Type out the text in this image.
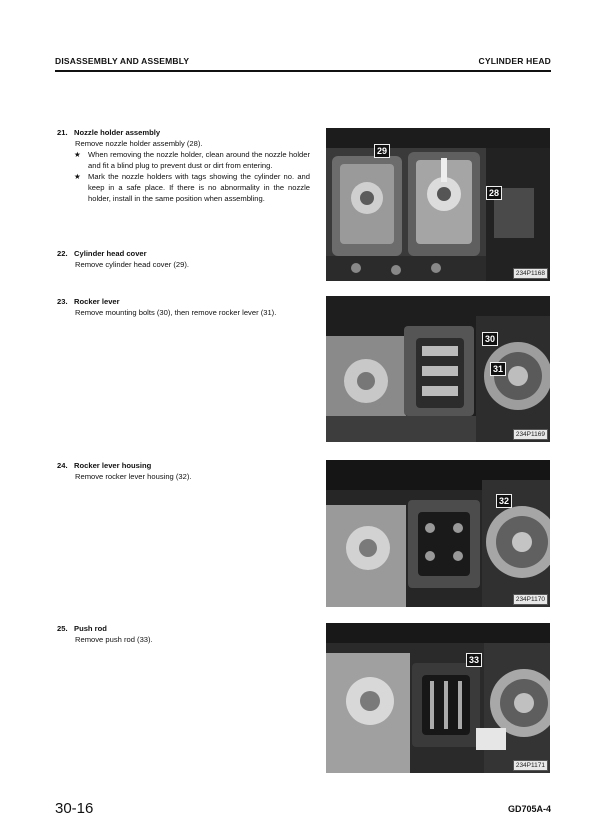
DISASSEMBLY AND ASSEMBLY	CYLINDER HEAD
21. Nozzle holder assembly
Remove nozzle holder assembly (28).
★ When removing the nozzle holder, clean around the nozzle holder and fit a blind plug to prevent dust or dirt from entering.
★ Mark the nozzle holders with tags showing the cylinder no. and keep in a safe place. If there is no abnormality in the nozzle holder, install in the same position when assembling.
22. Cylinder head cover
Remove cylinder head cover (29).
23. Rocker lever
Remove mounting bolts (30), then remove rocker lever (31).
24. Rocker lever housing
Remove rocker lever housing (32).
25. Push rod
Remove push rod (33).
29
28
234P1168
30
31
234P1169
32
234P1170
33
234P1171
30-16	GD705A-4
